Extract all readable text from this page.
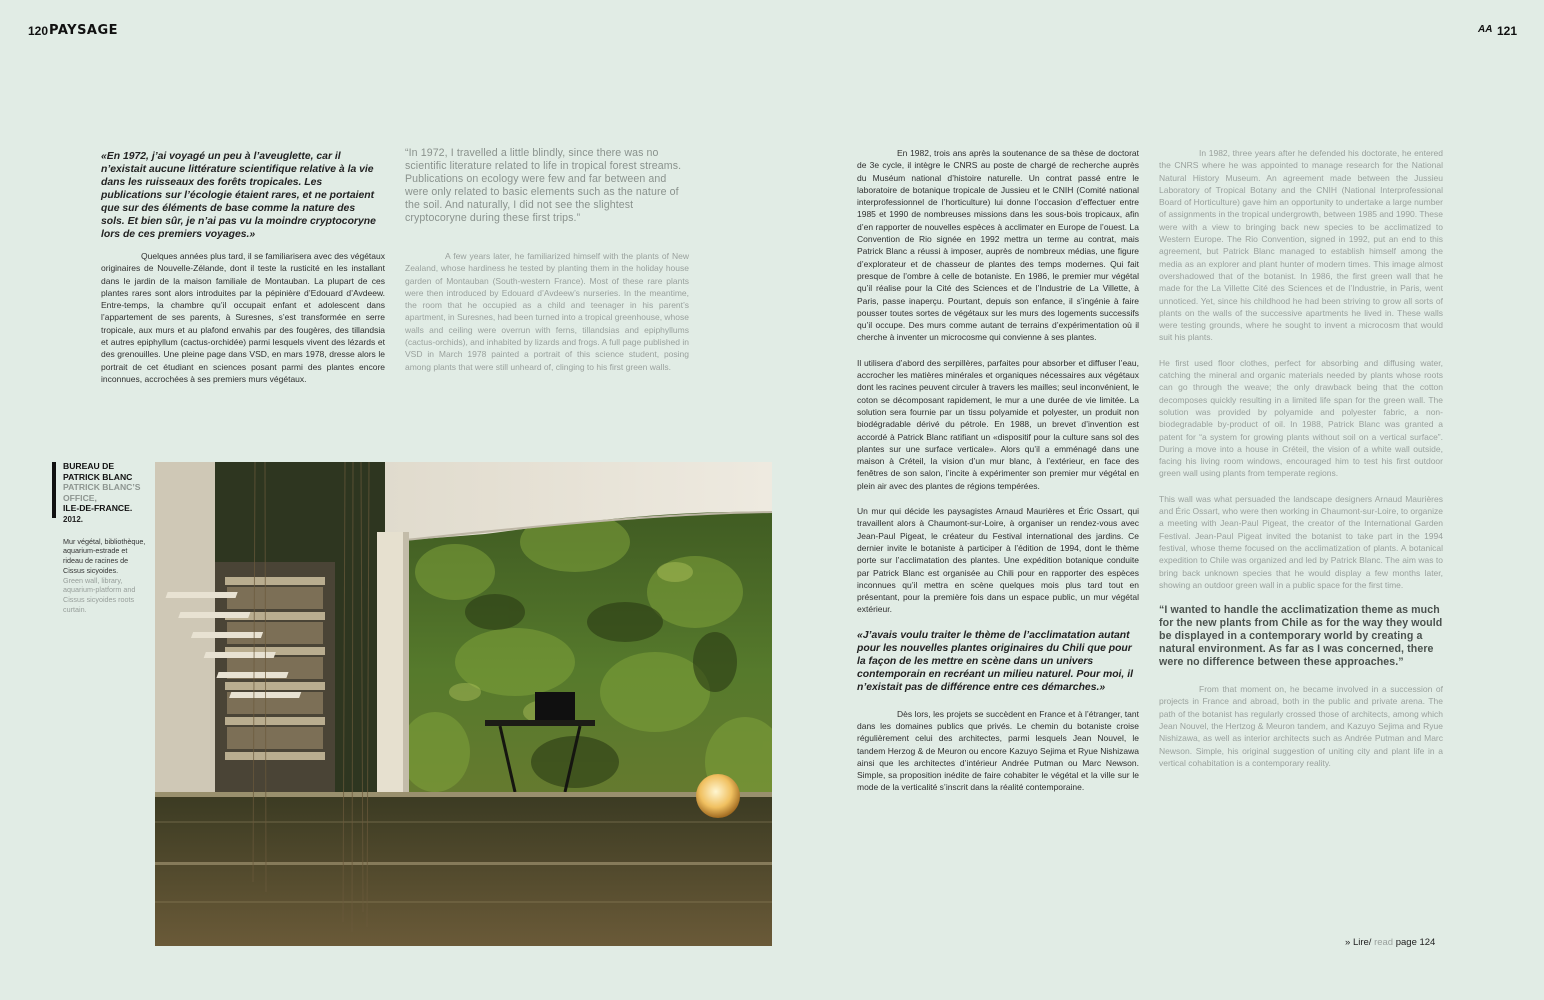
120 PAYSAGE	AA 121
«En 1972, j’ai voyagé un peu à l’aveuglette, car il n’existait aucune littérature scientifique relative à la vie dans les ruisseaux des forêts tropicales. Les publications sur l’écologie étaient rares, et ne portaient que sur des éléments de base comme la nature des sols. Et bien sûr, je n’ai pas vu la moindre cryptocoryne lors de ces premiers voyages.»
“In 1972, I travelled a little blindly, since there was no scientific literature related to life in tropical forest streams. Publications on ecology were few and far between and were only related to basic elements such as the nature of the soil. And naturally, I did not see the slightest cryptocoryne during these first trips.”

Quelques années plus tard, il se familiarisera avec des végétaux originaires de Nouvelle-Zélande, dont il teste la rusticité en les installant dans le jardin de la maison familiale de Montauban. La plupart de ces plantes rares sont alors introduites par la pépinière d’Edouard d’Avdeew. Entre-temps, la chambre qu’il occupait enfant et adolescent dans l’appartement de ses parents, à Suresnes, s’est transformée en serre tropicale, aux murs et au plafond envahis par des fougères, des tillandsia et autres epiphyllum (cactus-orchidée) parmi lesquels vivent des lézards et des grenouilles. Une pleine page dans VSD, en mars 1978, dresse alors le portrait de cet étudiant en sciences posant parmi des plantes encore inconnues, accrochées à ses premiers murs végétaux.

A few years later, he familiarized himself with the plants of New Zealand, whose hardiness he tested by planting them in the holiday house garden of Montauban (South-western France). Most of these rare plants were then introduced by Edouard d’Avdeew’s nurseries. In the meantime, the room that he occupied as a child and teenager in his parent’s apartment, in Suresnes, had been turned into a tropical greenhouse, whose walls and ceiling were overrun with ferns, tillandsias and epiphyllums (cactus-orchids), and inhabited by lizards and frogs. A full page published in VSD in March 1978 painted a portrait of this science student, posing among plants that were still unheard of, clinging to his first green walls.

BUREAU DE
PATRICK BLANC
PATRICK BLANC’S
OFFICE,
ILE-DE-FRANCE.
2012.
Mur végétal, bibliothèque, aquarium-estrade et rideau de racines de Cissus sicyoides.
Green wall, library, aquarium-platform and Cissus sicyoides roots curtain.

En 1982, trois ans après la soutenance de sa thèse de doctorat de 3e cycle, il intègre le CNRS au poste de chargé de recherche auprès du Muséum national d’histoire naturelle. Un contrat passé entre le laboratoire de botanique tropicale de Jussieu et le CNIH (Comité national interprofessionnel de l’horticulture) lui donne l’occasion d’effectuer entre 1985 et 1990 de nombreuses missions dans les sous-bois tropicaux, afin d’en rapporter de nouvelles espèces à acclimater en Europe de l’ouest. La Convention de Rio signée en 1992 mettra un terme au contrat, mais Patrick Blanc a réussi à imposer, auprès de nombreux médias, une figure d’explorateur et de chasseur de plantes des temps modernes. Qui fait presque de l’ombre à celle de botaniste. En 1986, le premier mur végétal qu’il réalise pour la Cité des Sciences et de l’Industrie de La Villette, à Paris, passe inaperçu. Pourtant, depuis son enfance, il s’ingénie à faire pousser toutes sortes de végétaux sur les murs des logements successifs qu’il occupe. Des murs comme autant de terrains d’expérimentation où il cherche à inventer un microcosme qui convienne à ses plantes.

Il utilisera d’abord des serpillères, parfaites pour absorber et diffuser l’eau, accrocher les matières minérales et organiques nécessaires aux végétaux dont les racines peuvent circuler à travers les mailles; seul inconvénient, le coton se décomposant rapidement, le mur a une durée de vie limitée. La solution sera fournie par un tissu polyamide et polyester, un produit non biodégradable dérivé du pétrole. En 1988, un brevet d’invention est accordé à Patrick Blanc ratifiant un «dispositif pour la culture sans sol des plantes sur une surface verticale». Alors qu’il a emménagé dans une maison à Créteil, la vision d’un mur blanc, à l’extérieur, en face des fenêtres de son salon, l’incite à expérimenter son premier mur végétal en plein air avec des plantes de régions tempérées.

Un mur qui décide les paysagistes Arnaud Maurières et Éric Ossart, qui travaillent alors à Chaumont-sur-Loire, à organiser un rendez-vous avec Jean-Paul Pigeat, le créateur du Festival international des jardins. Ce dernier invite le botaniste à participer à l’édition de 1994, dont le thème porte sur l’acclimatation des plantes. Une expédition botanique conduite par Patrick Blanc est organisée au Chili pour en rapporter des espèces inconnues qu’il mettra en scène quelques mois plus tard tout en présentant, pour la première fois dans un espace public, un mur végétal extérieur.

«J’avais voulu traiter le thème de l’acclimatation autant pour les nouvelles plantes originaires du Chili que pour la façon de les mettre en scène dans un univers contemporain en recréant un milieu naturel. Pour moi, il n’existait pas de différence entre ces démarches.»

Dès lors, les projets se succèdent en France et à l’étranger, tant dans les domaines publics que privés. Le chemin du botaniste croise régulièrement celui des architectes, parmi lesquels Jean Nouvel, le tandem Herzog & de Meuron ou encore Kazuyo Sejima et Ryue Nishizawa ainsi que les architectes d’intérieur Andrée Putman ou Marc Newson. Simple, sa proposition inédite de faire cohabiter le végétal et la ville sur le mode de la verticalité s’inscrit dans la réalité contemporaine.

In 1982, three years after he defended his doctorate, he entered the CNRS where he was appointed to manage research for the National Natural History Museum. An agreement made between the Jussieu Laboratory of Tropical Botany and the CNIH (National Interprofessional Board of Horticulture) gave him an opportunity to undertake a large number of assignments in the tropical undergrowth, between 1985 and 1990. These were with a view to bringing back new species to be acclimatized to Western Europe. The Rio Convention, signed in 1992, put an end to this agreement, but Patrick Blanc managed to establish himself among the media as an explorer and plant hunter of modern times. This image almost overshadowed that of the botanist. In 1986, the first green wall that he made for the La Villette Cité des Sciences et de l’Industrie, in Paris, went unnoticed. Yet, since his childhood he had been striving to grow all sorts of plants on the walls of the successive apartments he lived in. These walls were testing grounds, where he sought to invent a microcosm that would suit his plants.

He first used floor clothes, perfect for absorbing and diffusing water, catching the mineral and organic materials needed by plants whose roots can go through the weave; the only drawback being that the cotton decomposes quickly resulting in a limited life span for the green wall. The solution was provided by polyamide and polyester fabric, a non-biodegradable by-product of oil. In 1988, Patrick Blanc was granted a patent for “a system for growing plants without soil on a vertical surface”. During a move into a house in Créteil, the vision of a white wall outside, facing his living room windows, encouraged him to test his first outdoor green wall using plants from temperate regions.

This wall was what persuaded the landscape designers Arnaud Maurières and Éric Ossart, who were then working in Chaumont-sur-Loire, to organize a meeting with Jean-Paul Pigeat, the creator of the International Garden Festival. Jean-Paul Pigeat invited the botanist to take part in the 1994 festival, whose theme focused on the acclimatization of plants. A botanical expedition to Chile was organized and led by Patrick Blanc. The aim was to bring back unknown species that he would display a few months later, showing an outdoor green wall in a public space for the first time.

“I wanted to handle the acclimatization theme as much for the new plants from Chile as for the way they would be displayed in a contemporary world by creating a natural environment. As far as I was concerned, there were no difference between these approaches.”

From that moment on, he became involved in a succession of projects in France and abroad, both in the public and private arena. The path of the botanist has regularly crossed those of architects, among which Jean Nouvel, the Hertzog & Meuron tandem, and Kazuyo Sejima and Ryue Nishizawa, as well as interior architects such as Andrée Putman and Marc Newson. Simple, his original suggestion of uniting city and plant life in a vertical cohabitation is a contemporary reality.

» Lire/ read page 124
